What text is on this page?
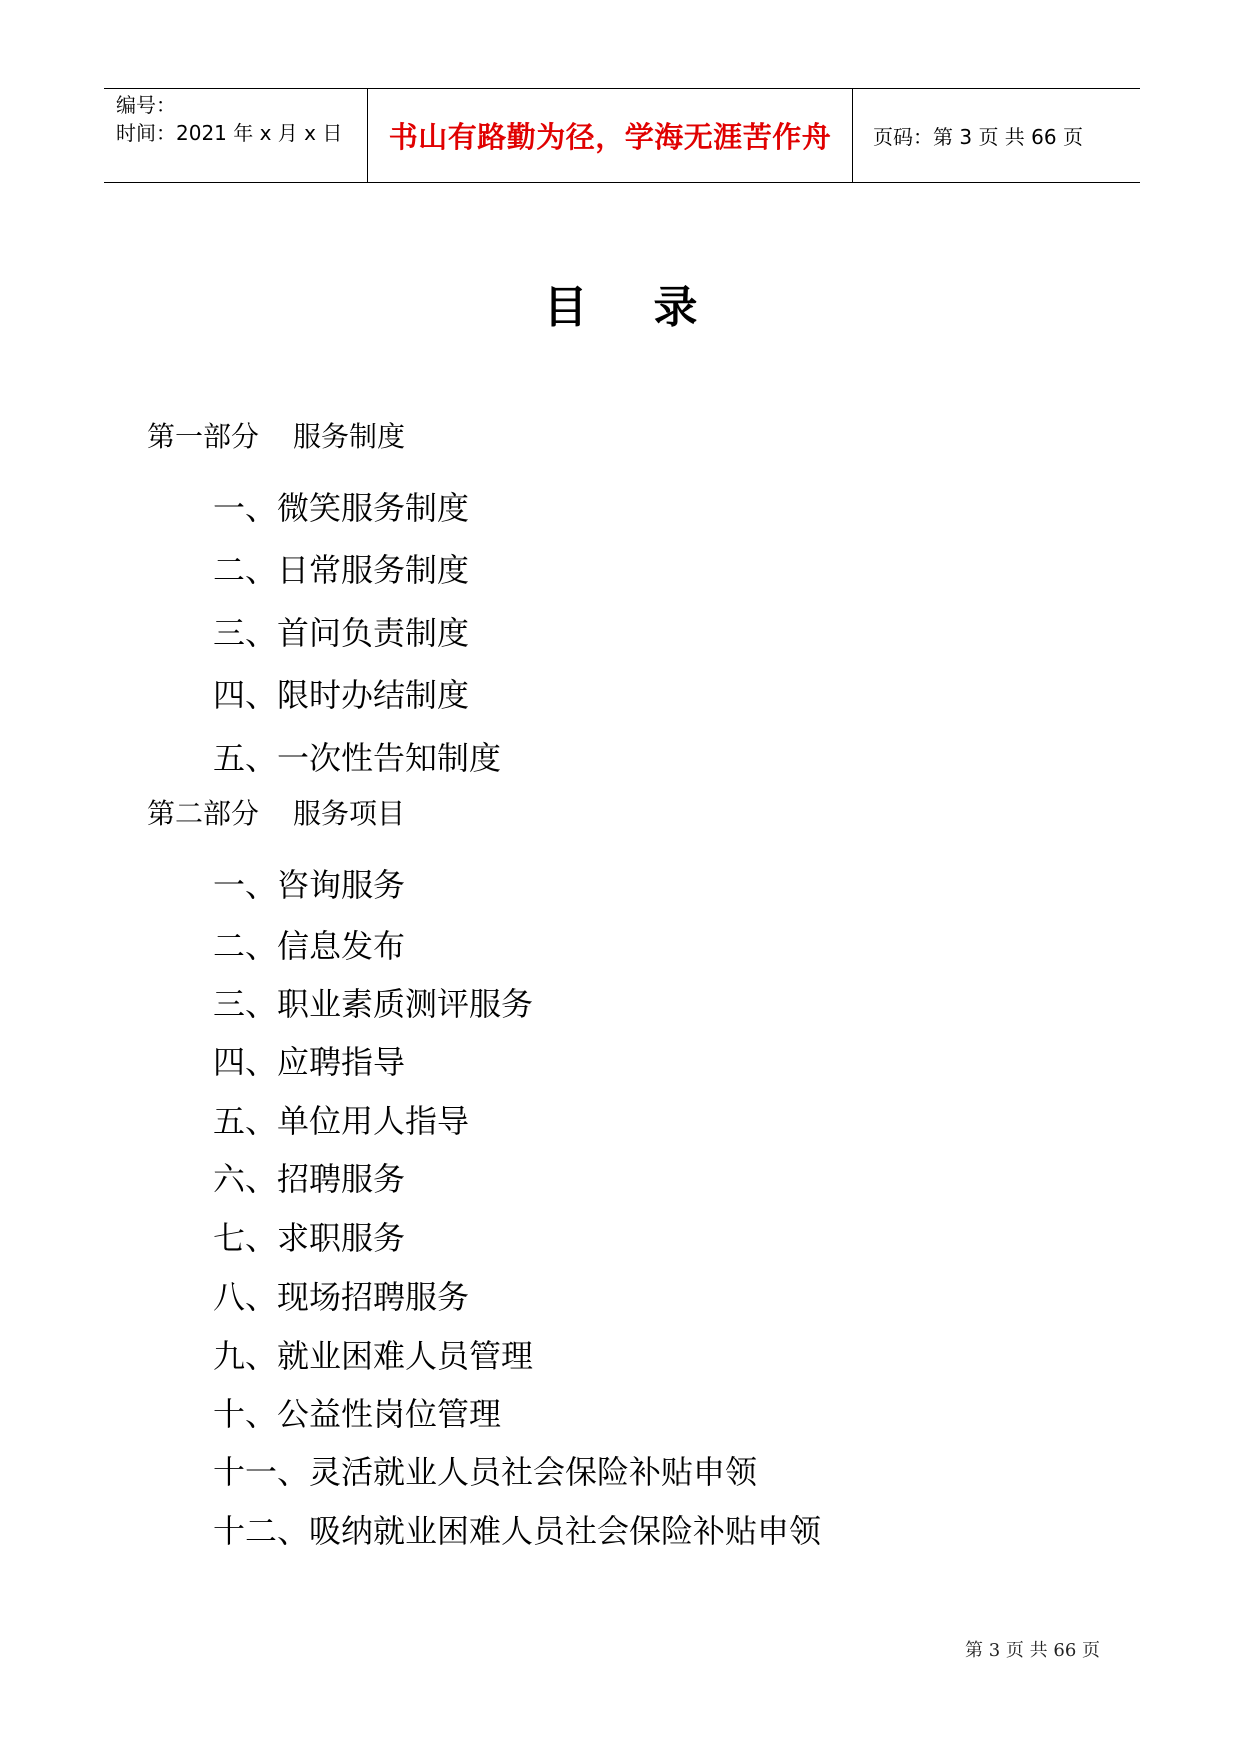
编号：
时间：2021 年 x 月 x 日 书山有路勤为径，学海无涯苦作舟 页码：第 3 页 共 66 页
目录
第一部分 服务制度
一、微笑服务制度
二、日常服务制度
三、首问负责制度
四、限时办结制度
五、一次性告知制度
第二部分 服务项目
一、咨询服务
二、信息发布
三、职业素质测评服务
四、应聘指导
五、单位用人指导
六、招聘服务
七、求职服务
八、现场招聘服务
九、就业困难人员管理
十、公益性岗位管理
十一、灵活就业人员社会保险补贴申领
十二、吸纳就业困难人员社会保险补贴申领
第 3 页 共 66 页
